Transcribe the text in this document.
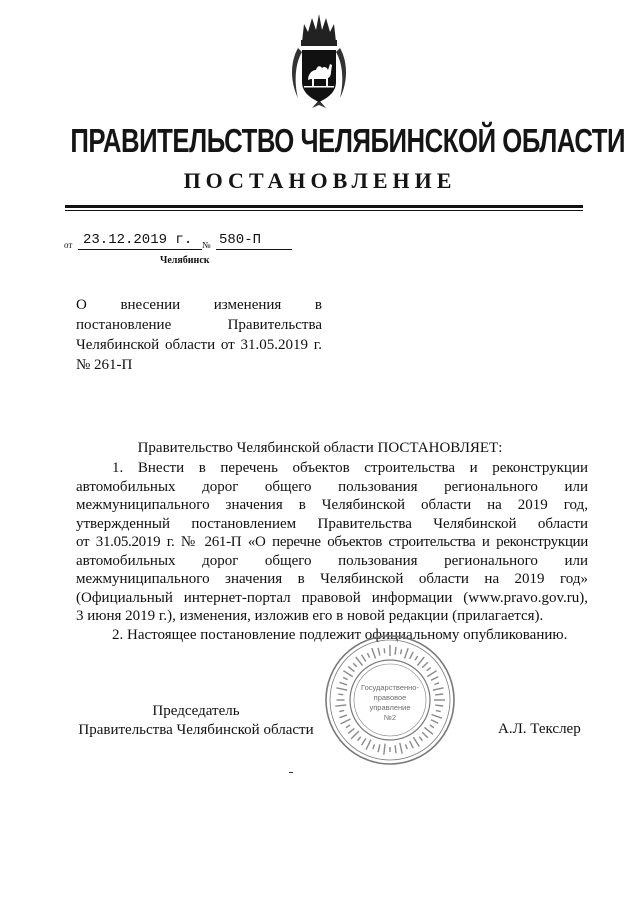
ПРАВИТЕЛЬСТВО ЧЕЛЯБИНСКОЙ ОБЛАСТИ
ПОСТАНОВЛЕНИЕ
от 23.12.2019 г. № 580-П
Челябинск
О внесении изменения в
постановление Правительства
Челябинской области от 31.05.2019 г.
№ 261-П
Правительство Челябинской области ПОСТАНОВЛЯЕТ:
1. Внести в перечень объектов строительства и реконструкции
автомобильных дорог общего пользования регионального или
межмуниципального значения в Челябинской области на 2019 год,
утвержденный постановлением Правительства Челябинской области
от 31.05.2019 г. № 261-П «О перечне объектов строительства и реконструкции
автомобильных дорог общего пользования регионального или
межмуниципального значения в Челябинской области на 2019 год»
(Официальный интернет-портал правовой информации (www.pravo.gov.ru),
3 июня 2019 г.), изменения, изложив его в новой редакции (прилагается).
2. Настоящее постановление подлежит официальному опубликованию.
Председатель
Правительства Челябинской области
Государственно-
правовое
управление
№2
А.Л. Текслер
